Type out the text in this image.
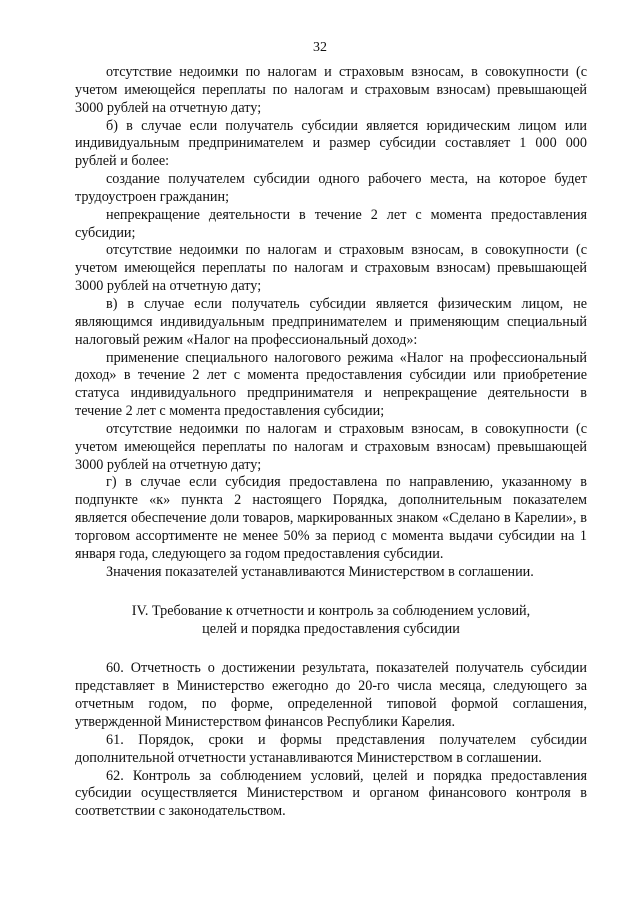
32

отсутствие недоимки по налогам и страховым взносам, в совокупности (с учетом имеющейся переплаты по налогам и страховым взносам) превышающей 3000 рублей на отчетную дату;

б) в случае если получатель субсидии является юридическим лицом или индивидуальным предпринимателем и размер субсидии составляет 1 000 000 рублей и более:

создание получателем субсидии одного рабочего места, на которое будет трудоустроен гражданин;

непрекращение деятельности в течение 2 лет с момента предоставления субсидии;

отсутствие недоимки по налогам и страховым взносам, в совокупности (с учетом имеющейся переплаты по налогам и страховым взносам) превышающей 3000 рублей на отчетную дату;

в) в случае если получатель субсидии является физическим лицом, не являющимся индивидуальным предпринимателем и применяющим специальный налоговый режим «Налог на профессиональный доход»:

применение специального налогового режима «Налог на профессиональный доход» в течение 2 лет с момента предоставления субсидии или приобретение статуса индивидуального предпринимателя и непрекращение деятельности в течение 2 лет с момента предоставления субсидии;

отсутствие недоимки по налогам и страховым взносам, в совокупности (с учетом имеющейся переплаты по налогам и страховым взносам) превышающей 3000 рублей на отчетную дату;

г) в случае если субсидия предоставлена по направлению, указанному в подпункте «к» пункта 2 настоящего Порядка, дополнительным показателем является обеспечение доли товаров, маркированных знаком «Сделано в Карелии», в торговом ассортименте не менее 50% за период с момента выдачи субсидии на 1 января года, следующего за годом предоставления субсидии.

Значения показателей устанавливаются Министерством в соглашении.

IV. Требование к отчетности и контроль за соблюдением условий,
целей и порядка предоставления субсидии

60. Отчетность о достижении результата, показателей получатель субсидии представляет в Министерство ежегодно до 20-го числа месяца, следующего за отчетным годом, по форме, определенной типовой формой соглашения, утвержденной Министерством финансов Республики Карелия.

61. Порядок, сроки и формы представления получателем субсидии дополнительной отчетности устанавливаются Министерством в соглашении.

62. Контроль за соблюдением условий, целей и порядка предоставления субсидии осуществляется Министерством и органом финансового контроля в соответствии с законодательством.
